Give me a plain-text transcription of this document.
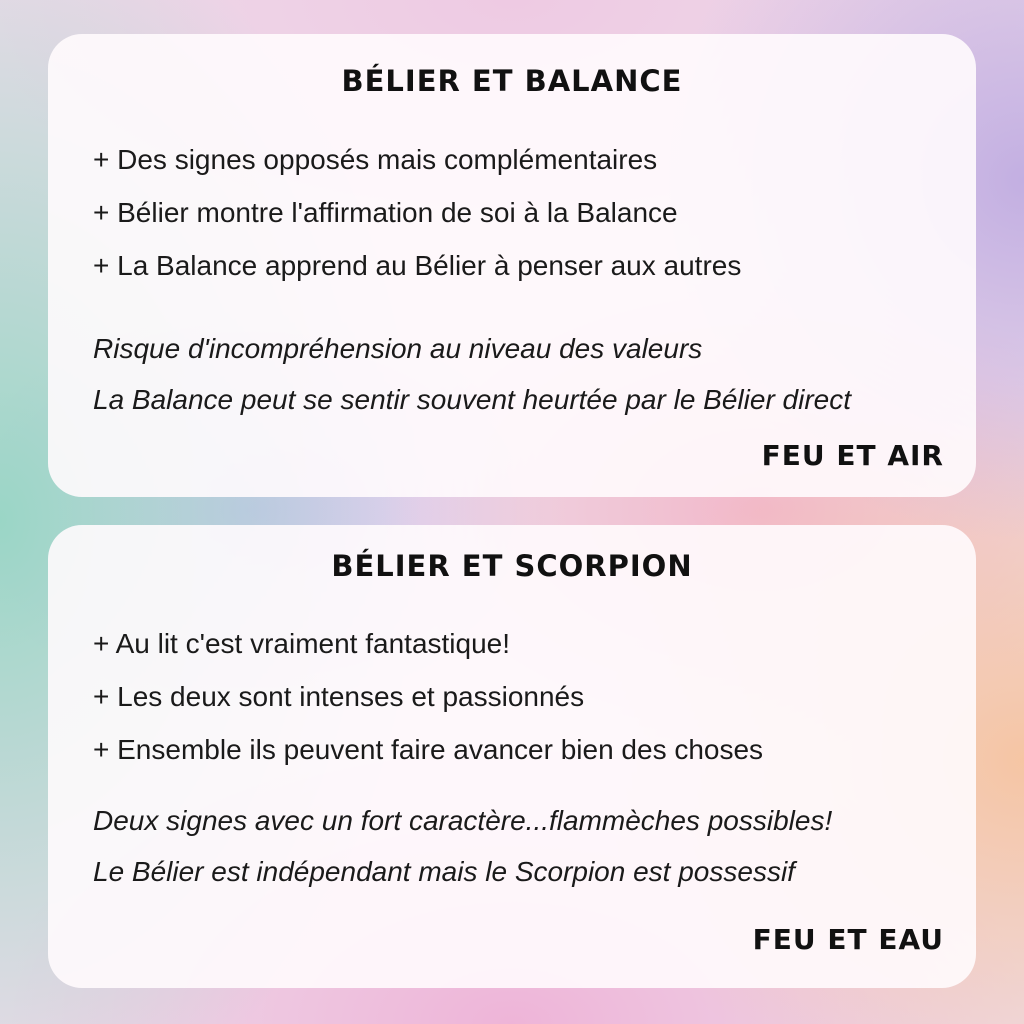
BÉLIER ET BALANCE
+ Des signes opposés mais complémentaires
+ Bélier montre l'affirmation de soi à la Balance
+ La Balance apprend au Bélier à penser aux autres
Risque d'incompréhension au niveau des valeurs
La Balance peut se sentir souvent heurtée par le Bélier direct
FEU ET AIR
BÉLIER ET SCORPION
+ Au lit c'est vraiment fantastique!
+ Les deux sont intenses et passionnés
+ Ensemble ils peuvent faire avancer bien des choses
Deux signes avec un fort caractère...flammèches possibles!
Le Bélier est indépendant mais le Scorpion est possessif
FEU ET EAU
